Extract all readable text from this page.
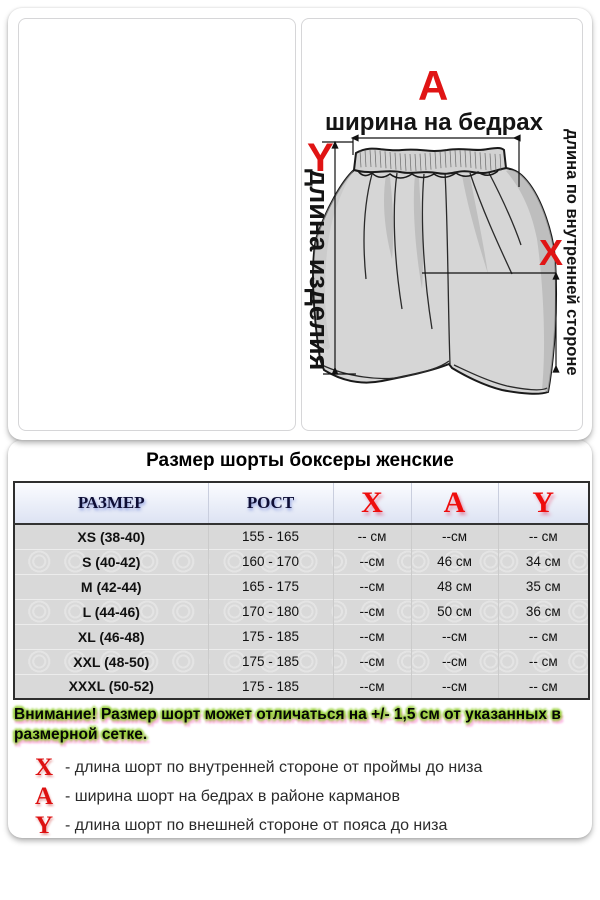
A
ширина на бедрах
Y
длина изделия	X длина по внутренней стороне
Размер шорты боксеры женские
РАЗМЕР	РОСТ	X	A	Y
XS (38-40)	155 - 165	-- см	--см	-- см
S (40-42)	160 - 170	--см	46 см	34 см
M (42-44)	165 - 175	--см	48 см	35 см
L (44-46)	170 - 180	--см	50 см	36 см
XL (46-48)	175 - 185	--см	--см	-- см
XXL (48-50)	175 - 185	--см	--см	-- см
XXXL (50-52)	175 - 185	--см	--см	-- см
Внимание! Размер шорт может отличаться на +/- 1,5 см от указанных в размерной сетке.
X - длина шорт по внутренней стороне от проймы до низа
A - ширина шорт на бедрах в районе карманов
Y - длина шорт по внешней стороне от пояса до низа
